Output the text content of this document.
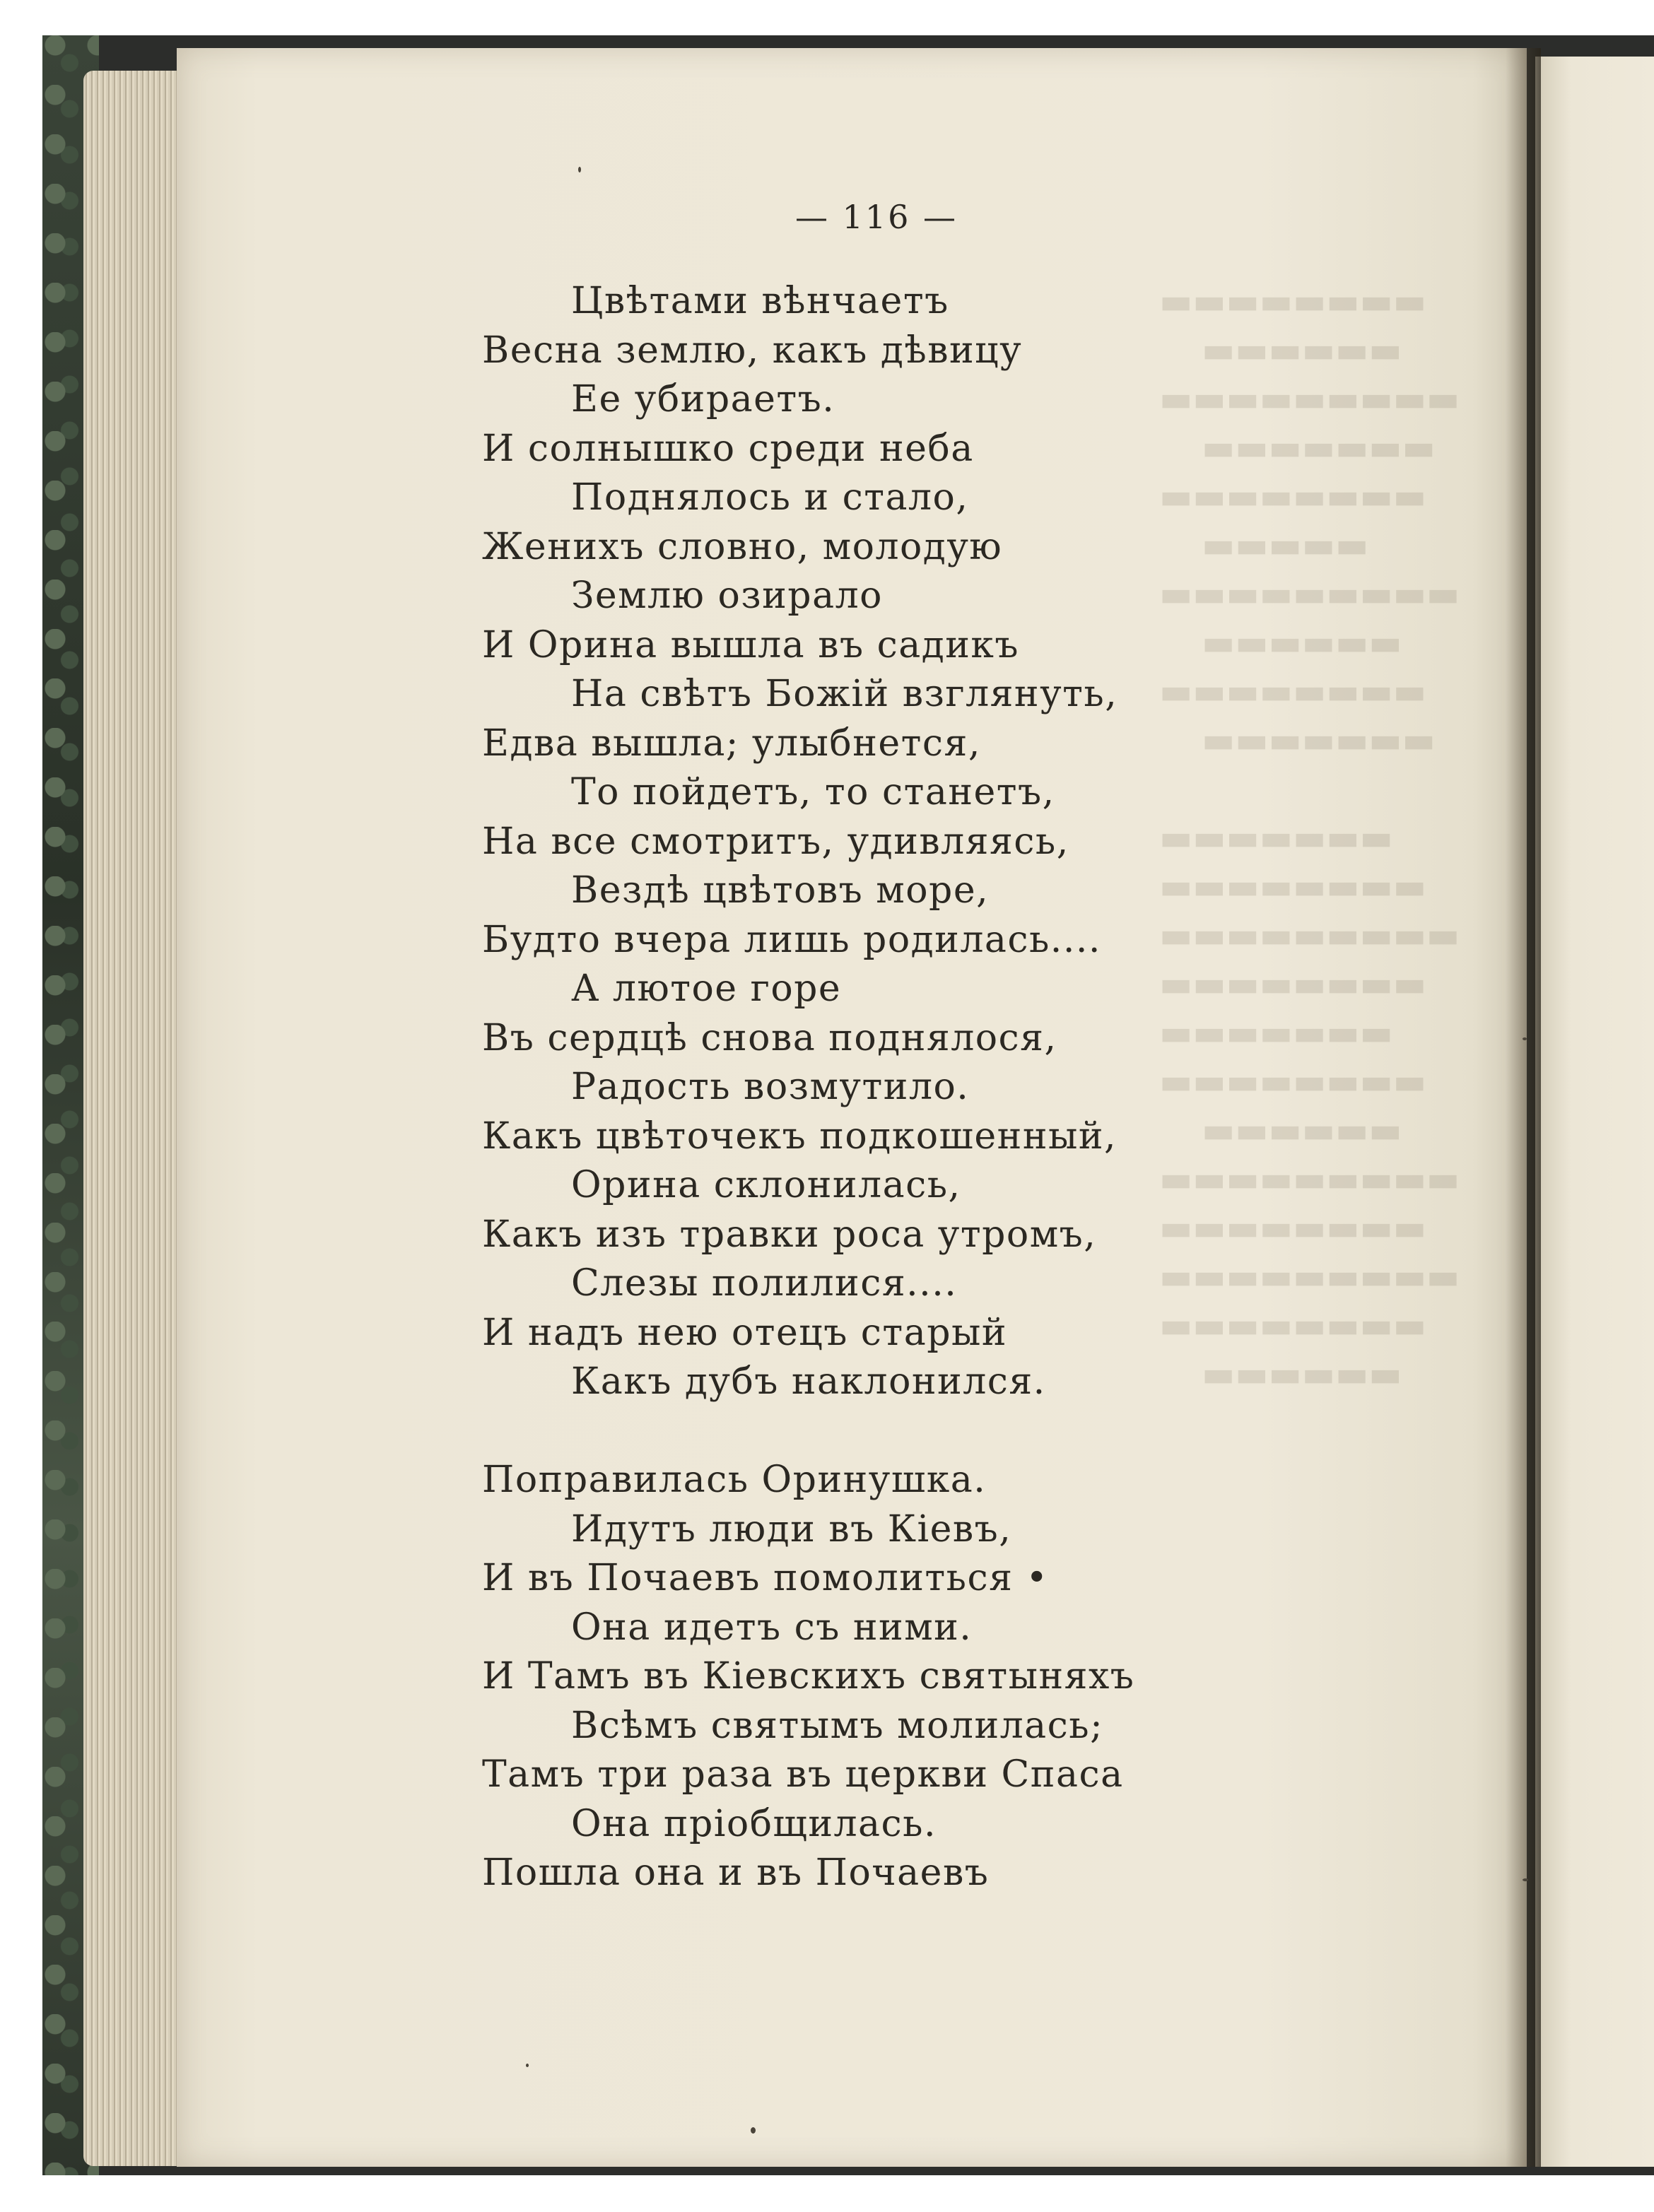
▬▬▬▬▬▬▬▬
▬▬▬▬▬▬
▬▬▬▬▬▬▬▬▬
▬▬▬▬▬▬▬
▬▬▬▬▬▬▬▬
▬▬▬▬▬
▬▬▬▬▬▬▬▬▬
▬▬▬▬▬▬
▬▬▬▬▬▬▬▬
▬▬▬▬▬▬▬

▬▬▬▬▬▬▬
▬▬▬▬▬▬▬▬
▬▬▬▬▬▬▬▬▬
▬▬▬▬▬▬▬▬
▬▬▬▬▬▬▬
▬▬▬▬▬▬▬▬
▬▬▬▬▬▬
▬▬▬▬▬▬▬▬▬
▬▬▬▬▬▬▬▬
▬▬▬▬▬▬▬▬▬
▬▬▬▬▬▬▬▬
▬▬▬▬▬▬
— 116 —
Цвѣтами вѣнчаетъ
Весна землю, какъ дѣвицу
Ее убираетъ.
И солнышко среди неба
Поднялось и стало,
Женихъ словно, молодую
Землю озирало
И Орина вышла въ садикъ
На свѣтъ Божій взглянуть,
Едва вышла; улыбнется,
То пойдетъ, то станетъ,
На все смотритъ, удивляясь,
Вездѣ цвѣтовъ море,
Будто вчера лишь родилась....
А лютое горе
Въ сердцѣ снова поднялося,
Радость возмутило.
Какъ цвѣточекъ подкошенный,
Орина склонилась,
Какъ изъ травки роса утромъ,
Слезы полилися....
И надъ нею отецъ старый
Какъ дубъ наклонился.
Поправилась Оринушка.
Идутъ люди въ Кіевъ,
И въ Почаевъ помолиться •
Она идетъ съ ними.
И Тамъ въ Кіевскихъ святыняхъ
Всѣмъ святымъ молилась;
Тамъ три раза въ церкви Спаса
Она пріобщилась.
Пошла она и въ Почаевъ
